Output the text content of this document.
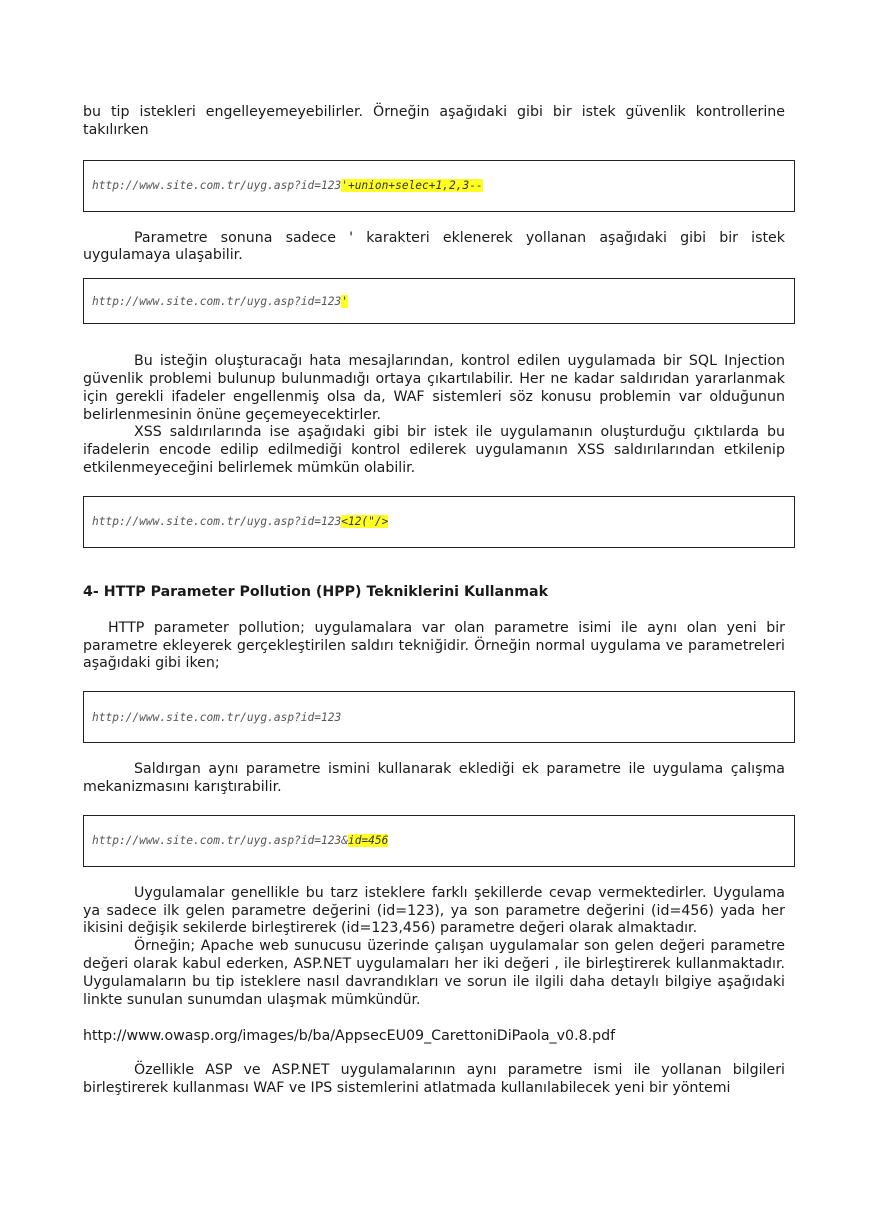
bu tip istekleri engelleyemeyebilirler. Örneğin aşağıdaki gibi bir istek güvenlik kontrollerine takılırken

http://www.site.com.tr/uyg.asp?id=123 '+union+selec+1,2,3--

Parametre sonuna sadece ' karakteri eklenerek yollanan aşağıdaki gibi bir istek uygulamaya ulaşabilir.

http://www.site.com.tr/uyg.asp?id=123 '

Bu isteğin oluşturacağı hata mesajlarından, kontrol edilen uygulamada bir SQL Injection güvenlik problemi bulunup bulunmadığı ortaya çıkartılabilir. Her ne kadar saldırıdan yararlanmak için gerekli ifadeler engellenmiş olsa da, WAF sistemleri söz konusu problemin var olduğunun belirlenmesinin önüne geçemeyecektirler.

XSS saldırılarında ise aşağıdaki gibi bir istek ile uygulamanın oluşturduğu çıktılarda bu ifadelerin encode edilip edilmediği kontrol edilerek uygulamanın XSS saldırılarından etkilenip etkilenmeyeceğini belirlemek mümkün olabilir.

http://www.site.com.tr/uyg.asp?id=123 <12("/>
4- HTTP Parameter Pollution (HPP) Tekniklerini Kullanmak

HTTP parameter pollution; uygulamalara var olan parametre isimi ile aynı olan yeni bir parametre ekleyerek gerçekleştirilen saldırı tekniğidir. Örneğin normal uygulama ve parametreleri aşağıdaki gibi iken;

http://www.site.com.tr/uyg.asp?id=123

Saldırgan aynı parametre ismini kullanarak eklediği ek parametre ile uygulama çalışma mekanizmasını karıştırabilir.

http://www.site.com.tr/uyg.asp?id=123& id=456

Uygulamalar genellikle bu tarz isteklere farklı şekillerde cevap vermektedirler. Uygulama ya sadece ilk gelen parametre değerini (id=123), ya son parametre değerini (id=456) yada her ikisini değişik sekilerde birleştirerek (id=123,456) parametre değeri olarak almaktadır.

Örneğin; Apache web sunucusu üzerinde çalışan uygulamalar son gelen değeri parametre değeri olarak kabul ederken, ASP.NET uygulamaları her iki değeri , ile birleştirerek kullanmaktadır. Uygulamaların bu tip isteklere nasıl davrandıkları ve sorun ile ilgili daha detaylı bilgiye aşağıdaki linkte sunulan sunumdan ulaşmak mümkündür.

http://www.owasp.org/images/b/ba/AppsecEU09_CarettoniDiPaola_v0.8.pdf

Özellikle ASP ve ASP.NET uygulamalarının aynı parametre ismi ile yollanan bilgileri birleştirerek kullanması WAF ve IPS sistemlerini atlatmada kullanılabilecek yeni bir yöntemi
